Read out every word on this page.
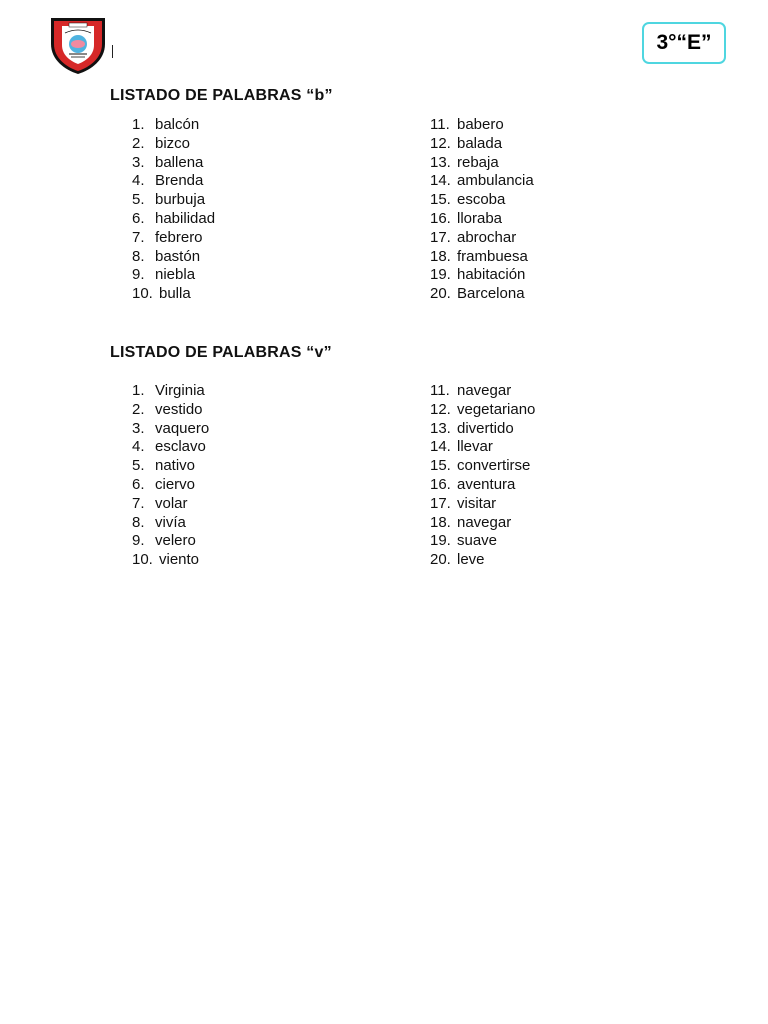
3°“E”
LISTADO DE PALABRAS “b”
1. balcón
2. bizco
3. ballena
4. Brenda
5. burbuja
6. habilidad
7. febrero
8. bastón
9. niebla
10. bulla
11. babero
12. balada
13. rebaja
14. ambulancia
15. escoba
16. lloraba
17. abrochar
18. frambuesa
19. habitación
20. Barcelona
LISTADO DE PALABRAS “v”
1. Virginia
2. vestido
3. vaquero
4. esclavo
5. nativo
6. ciervo
7. volar
8. vivía
9. velero
10. viento
11. navegar
12. vegetariano
13. divertido
14. llevar
15. convertirse
16. aventura
17. visitar
18. navegar
19. suave
20. leve
